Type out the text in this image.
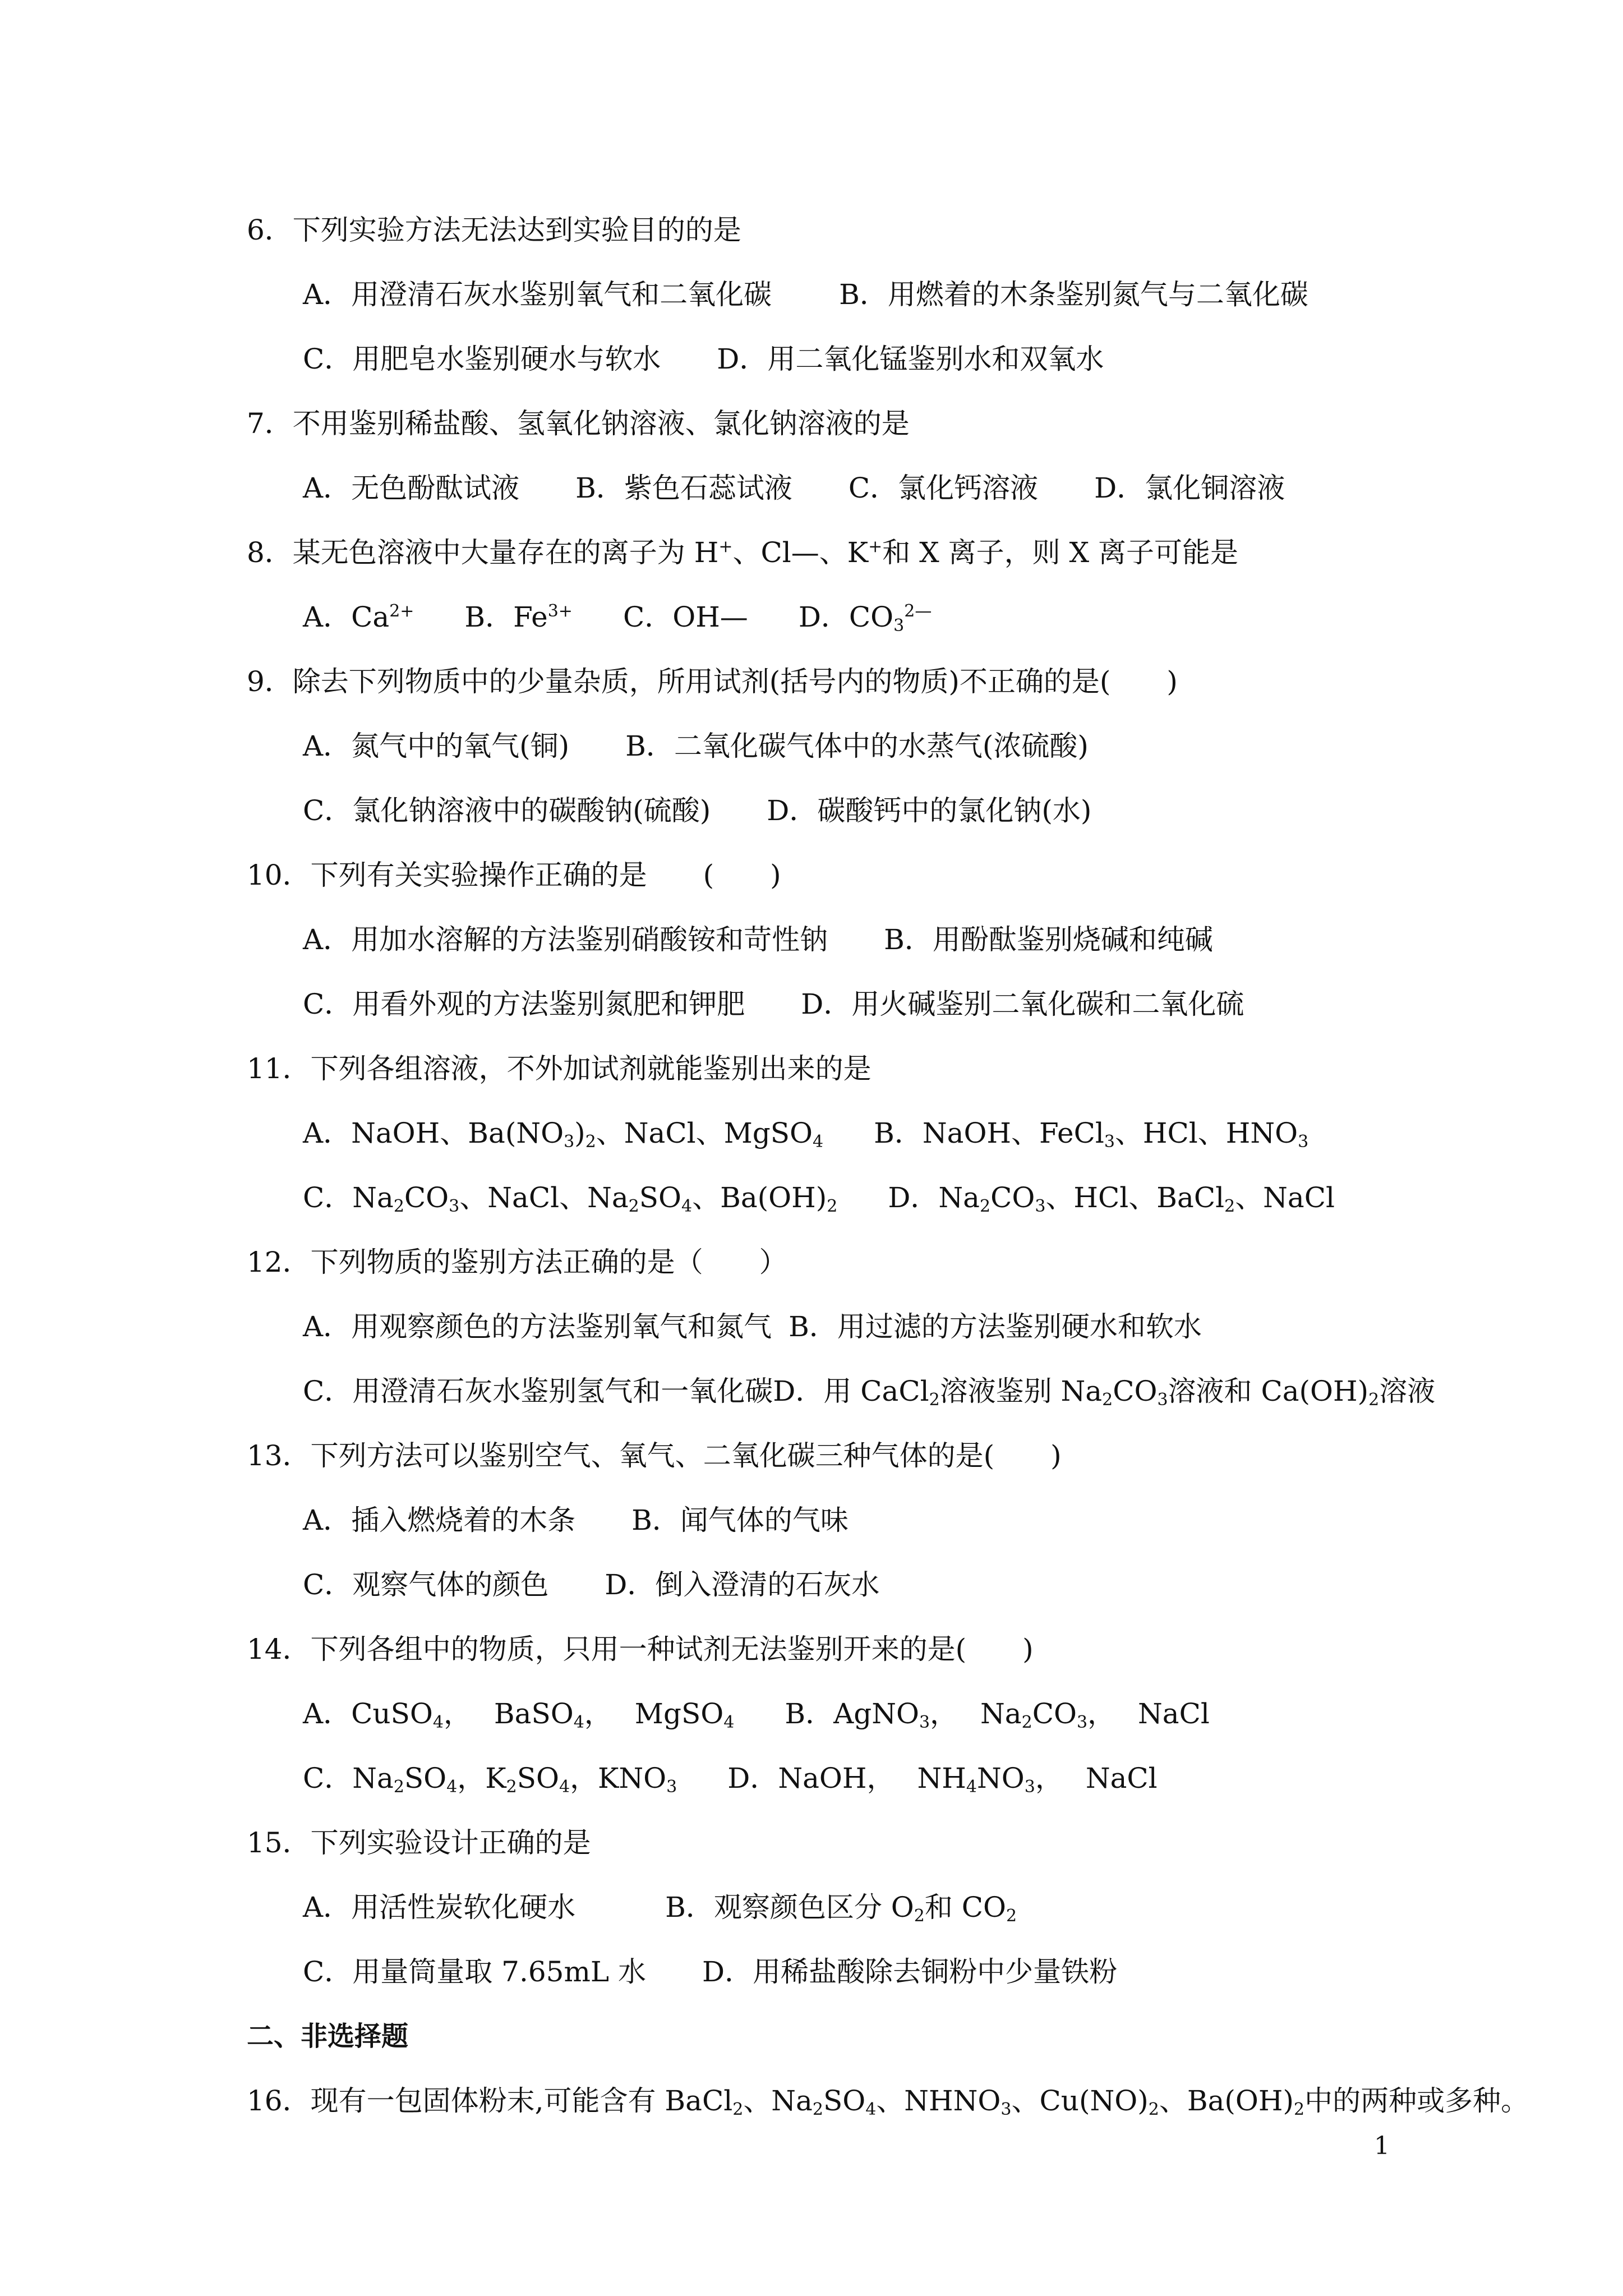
6．下列实验方法无法达到实验目的的是
A．用澄清石灰水鉴别氧气和二氧化碳 B．用燃着的木条鉴别氮气与二氧化碳
C．用肥皂水鉴别硬水与软水 D．用二氧化锰鉴别水和双氧水
7．不用鉴别稀盐酸、氢氧化钠溶液、氯化钠溶液的是
A．无色酚酞试液 B．紫色石蕊试液 C．氯化钙溶液 D．氯化铜溶液
8．某无色溶液中大量存在的离子为 H+、Cl—、K+和 X 离子，则 X 离子可能是
A．$Ca^{2+}$ B．$Fe^{3+}$ C．OH— D．$CO_3^{2—}$
9．除去下列物质中的少量杂质，所用试剂(括号内的物质)不正确的是(　　)
A．氮气中的氧气(铜) B．二氧化碳气体中的水蒸气(浓硫酸)
C．氯化钠溶液中的碳酸钠(硫酸) D．碳酸钙中的氯化钠(水)
10．下列有关实验操作正确的是　　(　　)
A．用加水溶解的方法鉴别硝酸铵和苛性钠 B．用酚酞鉴别烧碱和纯碱
C．用看外观的方法鉴别氮肥和钾肥 D．用火碱鉴别二氧化碳和二氧化硫
11．下列各组溶液，不外加试剂就能鉴别出来的是
A．NaOH、$Ba(NO_3)_2$、NaCl、MgSO$_4$ B．NaOH、FeCl$_3$、HCl、$HNO_3$
C．$Na_2CO_3$、NaCl、$Na_2SO_4$、$Ba(OH)_2$ D．$Na_2CO_3$、HCl、BaCl$_2$、NaCl
12．下列物质的鉴别方法正确的是（　　）
A．用观察颜色的方法鉴别氧气和氮气 B．用过滤的方法鉴别硬水和软水
C．用澄清石灰水鉴别氢气和一氧化碳D．用 CaCl$_2$溶液鉴别 $Na_2CO_3$溶液和 $Ca(OH)_2$溶液
13．下列方法可以鉴别空气、氧气、二氧化碳三种气体的是(　　)
A．插入燃烧着的木条 B．闻气体的气味
C．观察气体的颜色 D．倒入澄清的石灰水
14．下列各组中的物质，只用一种试剂无法鉴别开来的是(　　)
A．CuSO$_4$， BaSO$_4$， MgSO$_4$ B．AgNO$_3$， $Na_2CO_3$， NaCl
C．$Na_2SO_4$，$K_2SO_4$，$KNO_3$ D．NaOH， $NH_4NO_3$， NaCl
15．下列实验设计正确的是
A．用活性炭软化硬水	B．观察颜色区分 $O_2$和 $CO_2$
C．用量筒量取 7.65mL 水 D．用稀盐酸除去铜粉中少量铁粉
二、非选择题
16．现有一包固体粉末,可能含有 BaCl$_2$、$Na_2SO_4$、$NHNO_3$、$Cu(NO)_2$、$Ba(OH)_2$中的两种或多种。
1
